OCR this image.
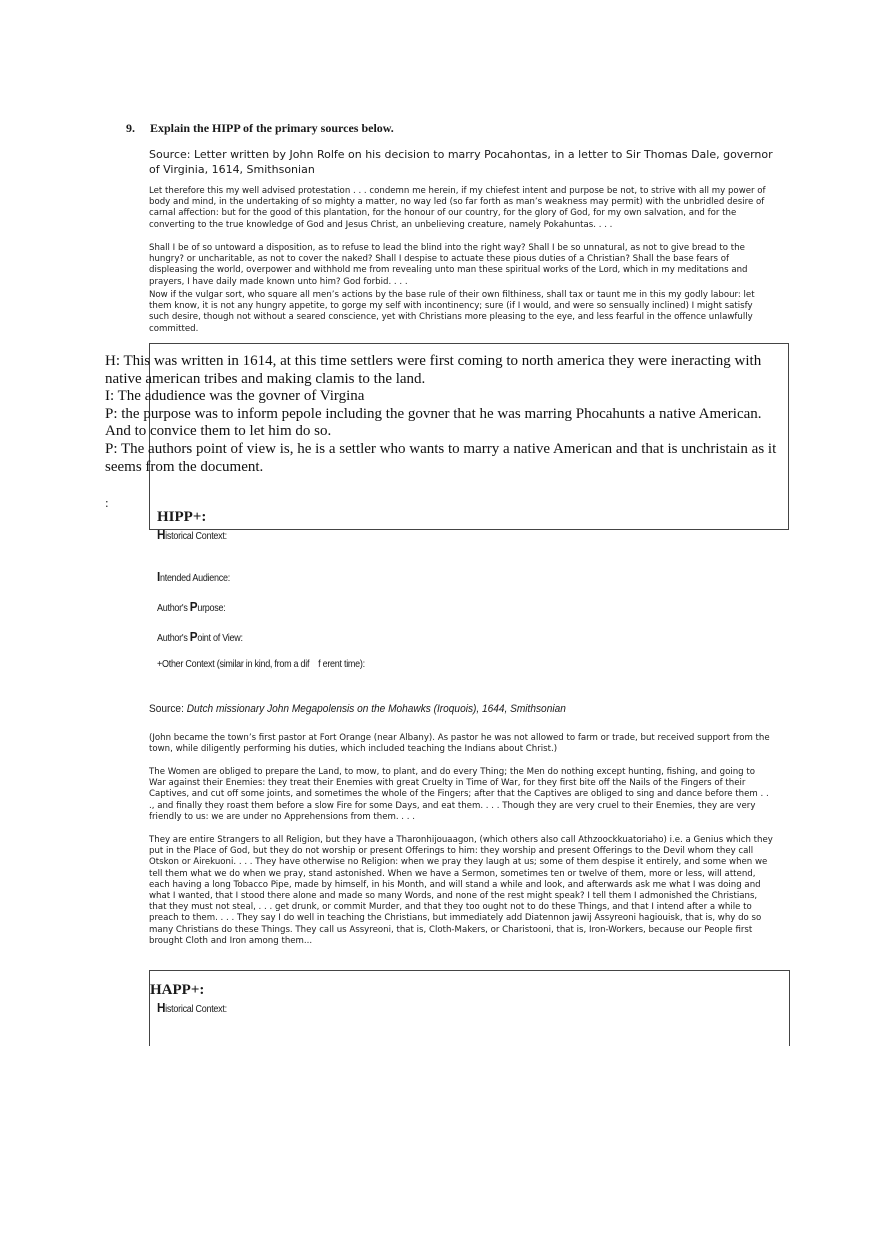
9. Explain the HIPP of the primary sources below.
Source: Letter written by John Rolfe on his decision to marry Pocahontas, in a letter to Sir Thomas Dale, governor of Virginia, 1614, Smithsonian
Let therefore this my well advised protestation . . . condemn me herein, if my chiefest intent and purpose be not, to strive with all my power of body and mind, in the undertaking of so mighty a matter, no way led (so far forth as man’s weakness may permit) with the unbridled desire of carnal affection: but for the good of this plantation, for the honour of our country, for the glory of God, for my own salvation, and for the converting to the true knowledge of God and Jesus Christ, an unbelieving creature, namely Pokahuntas. . . .
Shall I be of so untoward a disposition, as to refuse to lead the blind into the right way? Shall I be so unnatural, as not to give bread to the hungry? or uncharitable, as not to cover the naked? Shall I despise to actuate these pious duties of a Christian? Shall the base fears of displeasing the world, overpower and withhold me from revealing unto man these spiritual works of the Lord, which in my meditations and prayers, I have daily made known unto him? God forbid. . . .
Now if the vulgar sort, who square all men’s actions by the base rule of their own filthiness, shall tax or taunt me in this my godly labour: let them know, it is not any hungry appetite, to gorge my self with incontinency; sure (if I would, and were so sensually inclined) I might satisfy such desire, though not without a seared conscience, yet with Christians more pleasing to the eye, and less fearful in the offence unlawfully committed.
H: This was written in 1614, at this time settlers were first coming to north america they were ineracting with native american tribes and making clamis to the land.
I: The adudience was the govner of Virgina
P: the purpose was to inform pepole including the govner that he was marring Phocahunts a native American. And to convice them to let him do so.
P: The authors point of view is, he is a settler who wants to marry a native American and that is unchristain as it seems from the document.
:
HIPP+:
Historical Context:
Intended Audience:
Author's Purpose:
Author's Point of View:
+Other Context (similar in kind, from a dif    f erent time):
Source: Dutch missionary John Megapolensis on the Mohawks (Iroquois), 1644, Smithsonian
(John became the town’s first pastor at Fort Orange (near Albany). As pastor he was not allowed to farm or trade, but received support from the town, while diligently performing his duties, which included teaching the Indians about Christ.)
The Women are obliged to prepare the Land, to mow, to plant, and do every Thing; the Men do nothing except hunting, fishing, and going to War against their Enemies: they treat their Enemies with great Cruelty in Time of War, for they first bite off the Nails of the Fingers of their Captives, and cut off some joints, and sometimes the whole of the Fingers; after that the Captives are obliged to sing and dance before them . . ., and finally they roast them before a slow Fire for some Days, and eat them. . . . Though they are very cruel to their Enemies, they are very friendly to us: we are under no Apprehensions from them. . . .
They are entire Strangers to all Religion, but they have a Tharonhijouaagon, (which others also call Athzoockkuatoriaho) i.e. a Genius which they put in the Place of God, but they do not worship or present Offerings to him: they worship and present Offerings to the Devil whom they call Otskon or Airekuoni. . . . They have otherwise no Religion: when we pray they laugh at us; some of them despise it entirely, and some when we tell them what we do when we pray, stand astonished. When we have a Sermon, sometimes ten or twelve of them, more or less, will attend, each having a long Tobacco Pipe, made by himself, in his Month, and will stand a while and look, and afterwards ask me what I was doing and what I wanted, that I stood there alone and made so many Words, and none of the rest might speak? I tell them I admonished the Christians, that they must not steal, . . . get drunk, or commit Murder, and that they too ought not to do these Things, and that I intend after a while to preach to them. . . . They say I do well in teaching the Christians, but immediately add Diatennon jawij Assyreoni hagiouisk, that is, why do so many Christians do these Things. They call us Assyreoni, that is, Cloth-Makers, or Charistooni, that is, Iron-Workers, because our People first brought Cloth and Iron among them...
HAPP+:
Historical Context:
